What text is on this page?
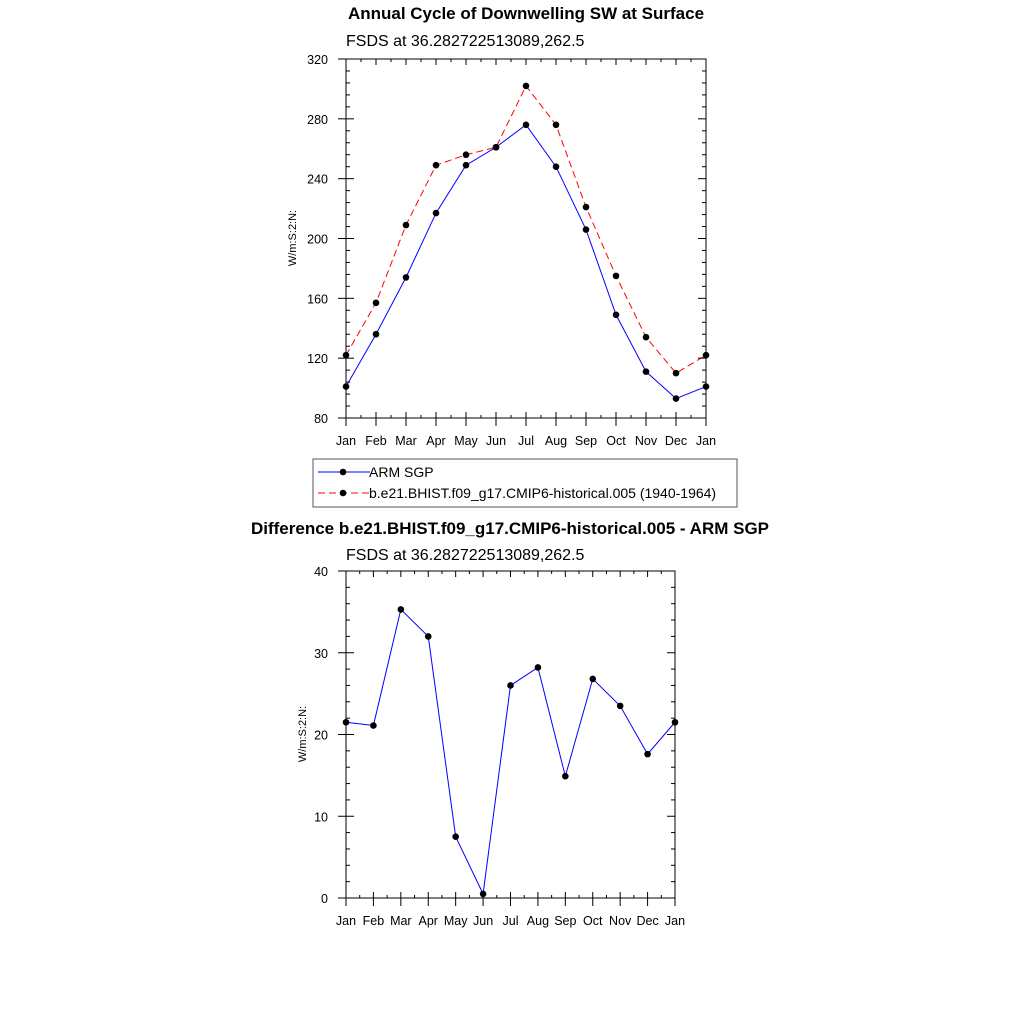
Annual Cycle of Downwelling SW at Surface
FSDS at 36.282722513089,262.5
W/m:S:2:N:
Jan Feb Mar Apr May Jun Jul Aug Sep Oct Nov Dec Jan
80
120
160
200
240
280
320
ARM SGP
b.e21.BHIST.f09_g17.CMIP6-historical.005 (1940-1964)
Difference b.e21.BHIST.f09_g17.CMIP6-historical.005 - ARM SGP
FSDS at 36.282722513089,262.5
W/m:S:2:N:
Jan Feb Mar Apr May Jun Jul Aug Sep Oct Nov Dec Jan
0
10
20
30
40
